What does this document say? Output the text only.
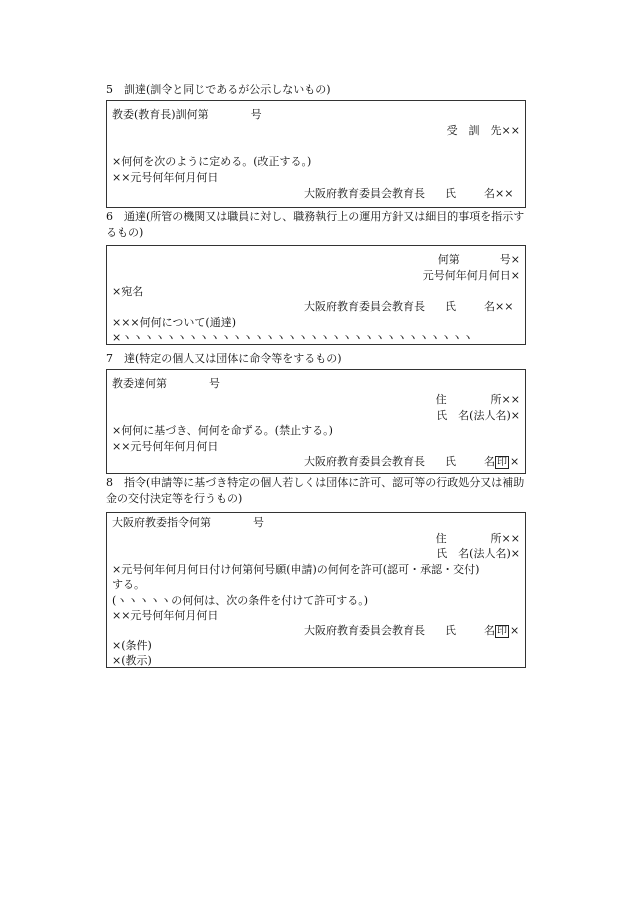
5　訓達(訓令と同じであるが公示しないもの)
教委(教育長)訓何第	号
受　訓　先××
×何何を次のように定める。(改正する。)
××元号何年何月何日
大阪府教育委員会教育長 氏	名××
6　通達(所管の機関又は職員に対し、職務執行上の運用方針又は細目的事項を指示するもの)
何第	号×
元号何年何月何日×
×宛名
大阪府教育委員会教育長 氏	名××
×××何何について(通達)
×ヽヽヽヽヽヽヽヽヽヽヽヽヽヽヽヽヽヽヽヽヽヽヽヽヽヽヽヽヽヽヽヽ
7　達(特定の個人又は団体に命令等をするもの)
教委達何第	号
住　　　　所××
氏　名(法人名)×
×何何に基づき、何何を命ずる。(禁止する。)
××元号何年何月何日
大阪府教育委員会教育長 氏	名 印 ×
8　指令(申請等に基づき特定の個人若しくは団体に許可、認可等の行政処分又は補助金の交付決定等を行うもの)
大阪府教委指令何第	号
住　　　　所××
氏　名(法人名)×
×元号何年何月何日付け何第何号願(申請)の何何を許可(認可・承認・交付)
する。
(ヽヽヽヽヽの何何は、次の条件を付けて許可する。)
××元号何年何月何日
大阪府教育委員会教育長 氏	名 印 ×
×(条件)
×(教示)
